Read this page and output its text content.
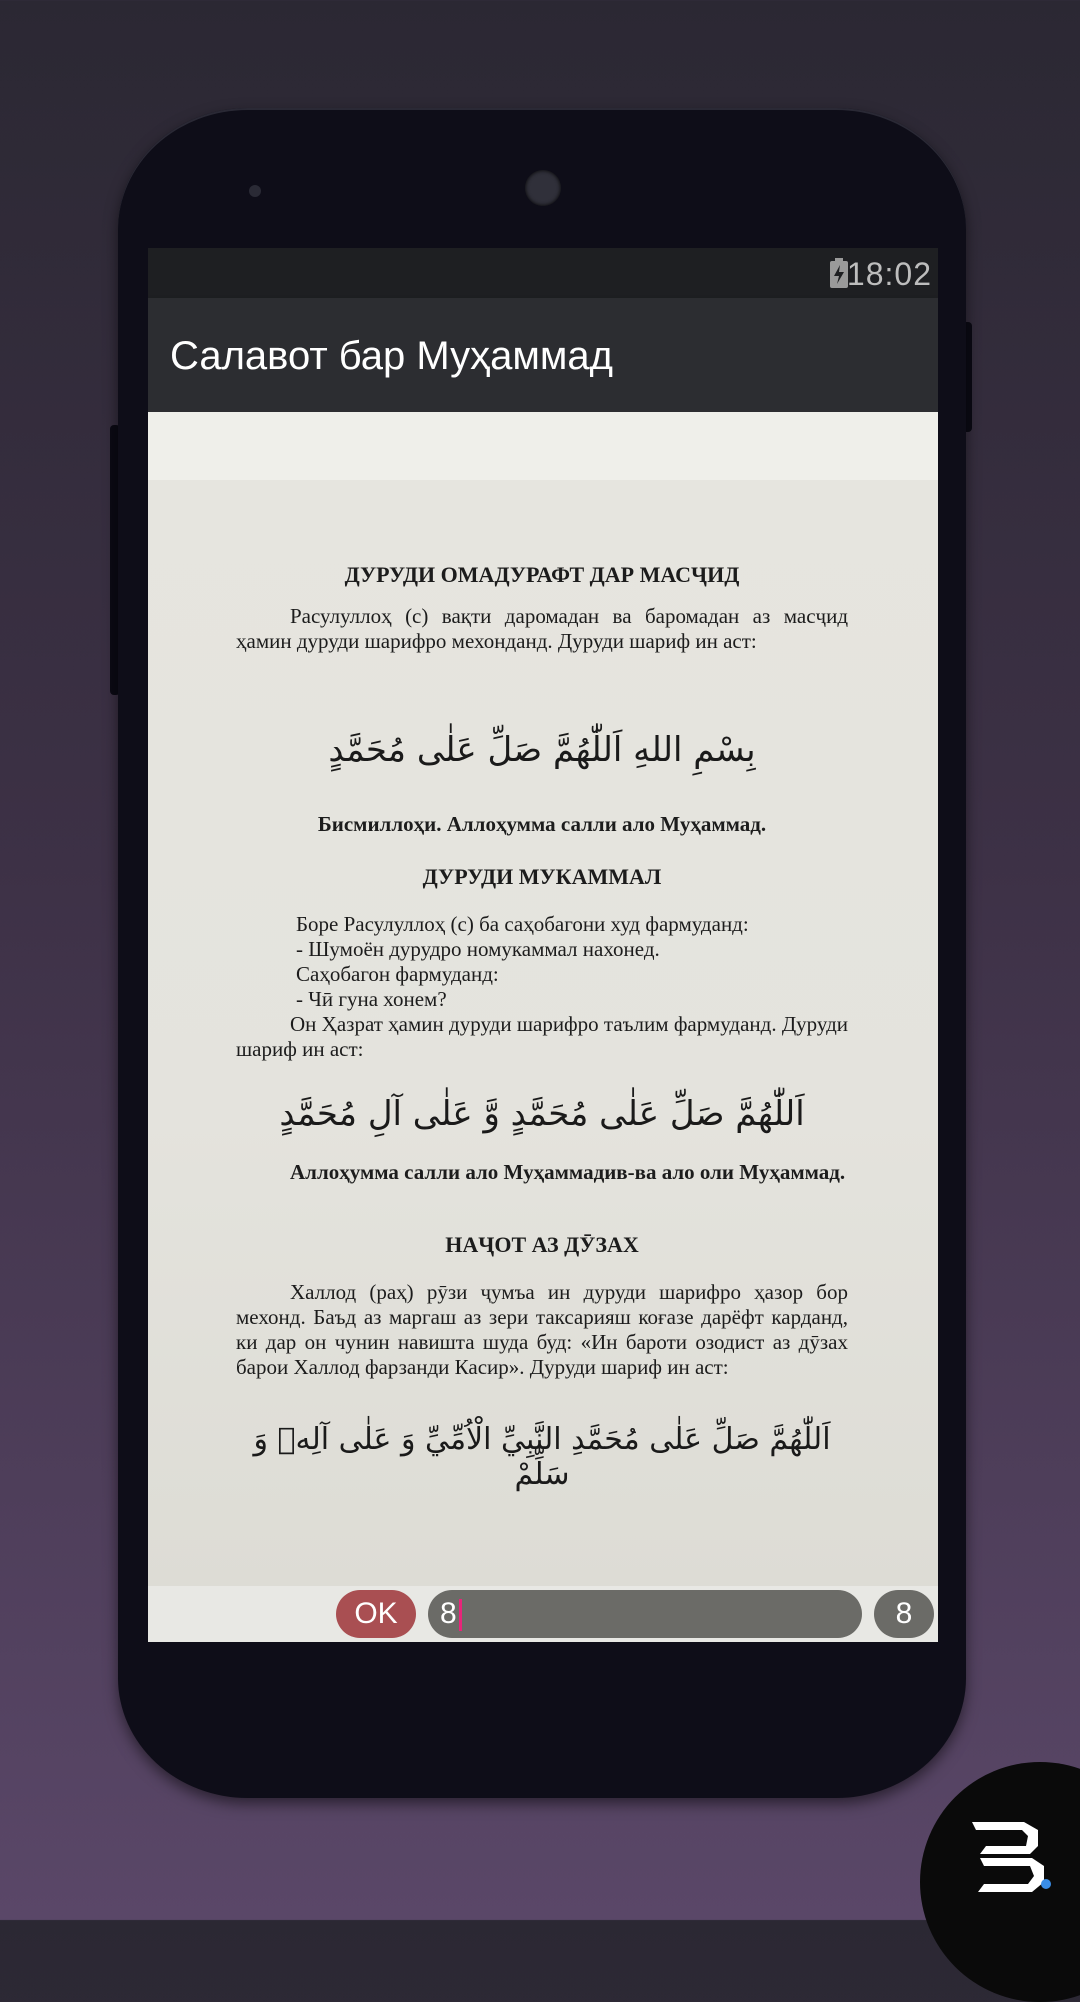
18:02
Салавот бар Муҳаммад
ДУРУДИ ОМАДУРАФТ ДАР МАСҶИД
Расулуллоҳ (с) вақти даромадан ва баромадан аз масҷид ҳамин дуруди шарифро мехонданд. Дуруди шариф ин аст:
بِسْمِ اللهِ اَللّٰهُمَّ صَلِّ عَلٰى مُحَمَّدٍ
Бисмиллоҳи. Аллоҳумма салли ало Муҳаммад.
ДУРУДИ МУКАММАЛ
Боре Расулуллоҳ (с) ба саҳобагони худ фармуданд:
- Шумоён дурудро номукаммал нахонед.
Саҳобагон фармуданд:
- Чӣ гуна хонем?
Он Ҳазрат ҳамин дуруди шарифро таълим фармуданд. Дуруди шариф ин аст:
اَللّٰهُمَّ صَلِّ عَلٰى مُحَمَّدٍ وَّ عَلٰى آلِ مُحَمَّدٍ
Аллоҳумма салли ало Муҳаммадив-ва ало оли Муҳаммад.
НАҶОТ АЗ ДӮЗАХ
Халлод (раҳ) рӯзи ҷумъа ин дуруди шарифро ҳазор бор мехонд. Баъд аз маргаш аз зери таксарияш коғазе дарёфт карданд, ки дар он чунин навишта шуда буд: «Ин бароти озодист аз дӯзах барои Халлод фарзанди Касир». Дуруди шариф ин аст:
اَللّٰهُمَّ صَلِّ عَلٰى مُحَمَّدِ النَّبِيِّ الْاُمِّيِّ وَ عَلٰى آلِهٖ وَ سَلِّمْ
OK	8	8
